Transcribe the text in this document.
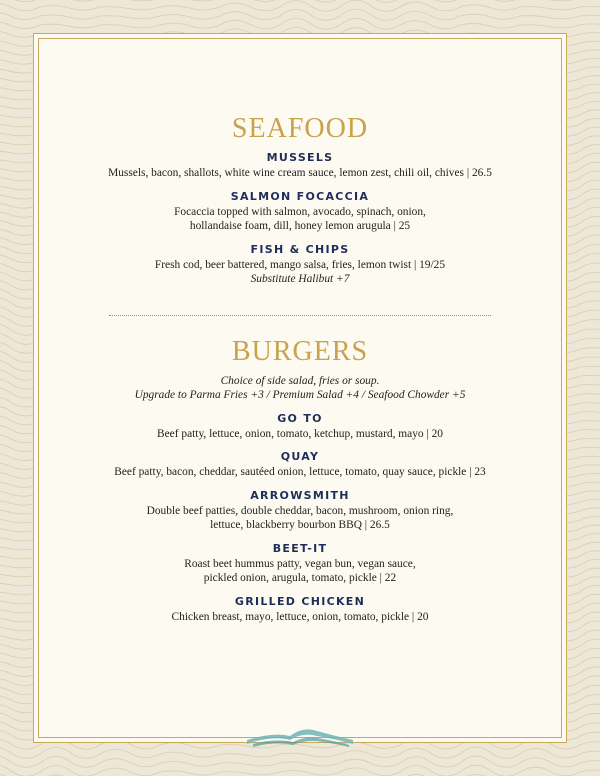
SEAFOOD

MUSSELS

Mussels, bacon, shallots, white wine cream sauce, lemon zest, chili oil, chives | 26.5

SALMON FOCACCIA

Focaccia topped with salmon, avocado, spinach, onion,

hollandaise foam, dill, honey lemon arugula | 25

FISH & CHIPS

Fresh cod, beer battered, mango salsa, fries, lemon twist | 19/25

Substitute Halibut +7

BURGERS

Choice of side salad, fries or soup.

Upgrade to Parma Fries +3 / Premium Salad +4 / Seafood Chowder +5

GO TO

Beef patty, lettuce, onion, tomato, ketchup, mustard, mayo | 20

QUAY

Beef patty, bacon, cheddar, sautéed onion, lettuce, tomato, quay sauce, pickle | 23

ARROWSMITH

Double beef patties, double cheddar, bacon, mushroom, onion ring,

lettuce, blackberry bourbon BBQ | 26.5

BEET-IT

Roast beet hummus patty, vegan bun, vegan sauce,

pickled onion, arugula, tomato, pickle | 22

GRILLED CHICKEN

Chicken breast, mayo, lettuce, onion, tomato, pickle | 20
